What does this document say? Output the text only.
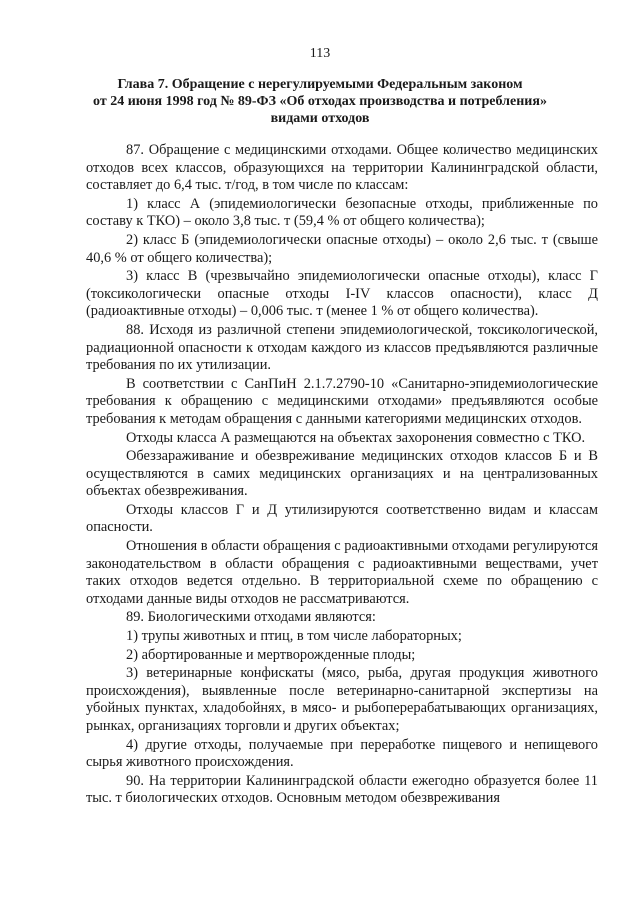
113
Глава 7. Обращение с нерегулируемыми Федеральным законом
от 24 июня 1998 год № 89-ФЗ «Об отходах производства и потребления»
видами отходов

87. Обращение с медицинскими отходами. Общее количество медицинских отходов всех классов, образующихся на территории Калининградской области, составляет до 6,4 тыс. т/год, в том числе по классам:

1) класс А (эпидемиологически безопасные отходы, приближенные по составу к ТКО) – около 3,8 тыс. т (59,4 % от общего количества);

2) класс Б (эпидемиологически опасные отходы) – около 2,6 тыс. т (свыше 40,6 % от общего количества);

3) класс В (чрезвычайно эпидемиологически опасные отходы), класс Г (токсикологически опасные отходы I-IV классов опасности), класс Д (радиоактивные отходы) – 0,006 тыс. т (менее 1 % от общего количества).

88. Исходя из различной степени эпидемиологической, токсикологической, радиационной опасности к отходам каждого из классов предъявляются различные требования по их утилизации.

В соответствии с СанПиН 2.1.7.2790-10 «Санитарно-эпидемиологические требования к обращению с медицинскими отходами» предъявляются особые требования к методам обращения с данными категориями медицинских отходов.

Отходы класса А размещаются на объектах захоронения совместно с ТКО.

Обеззараживание и обезвреживание медицинских отходов классов Б и В осуществляются в самих медицинских организациях и на централизованных объектах обезвреживания.

Отходы классов Г и Д утилизируются соответственно видам и классам опасности.

Отношения в области обращения с радиоактивными отходами регулируются законодательством в области обращения с радиоактивными веществами, учет таких отходов ведется отдельно. В территориальной схеме по обращению с отходами данные виды отходов не рассматриваются.

89. Биологическими отходами являются:

1) трупы животных и птиц, в том числе лабораторных;

2) абортированные и мертворожденные плоды;

3) ветеринарные конфискаты (мясо, рыба, другая продукция животного происхождения), выявленные после ветеринарно-санитарной экспертизы на убойных пунктах, хладобойнях, в мясо- и рыбоперерабатывающих организациях, рынках, организациях торговли и других объектах;

4) другие отходы, получаемые при переработке пищевого и непищевого сырья животного происхождения.

90. На территории Калининградской области ежегодно образуется более 11 тыс. т биологических отходов. Основным методом обезвреживания
